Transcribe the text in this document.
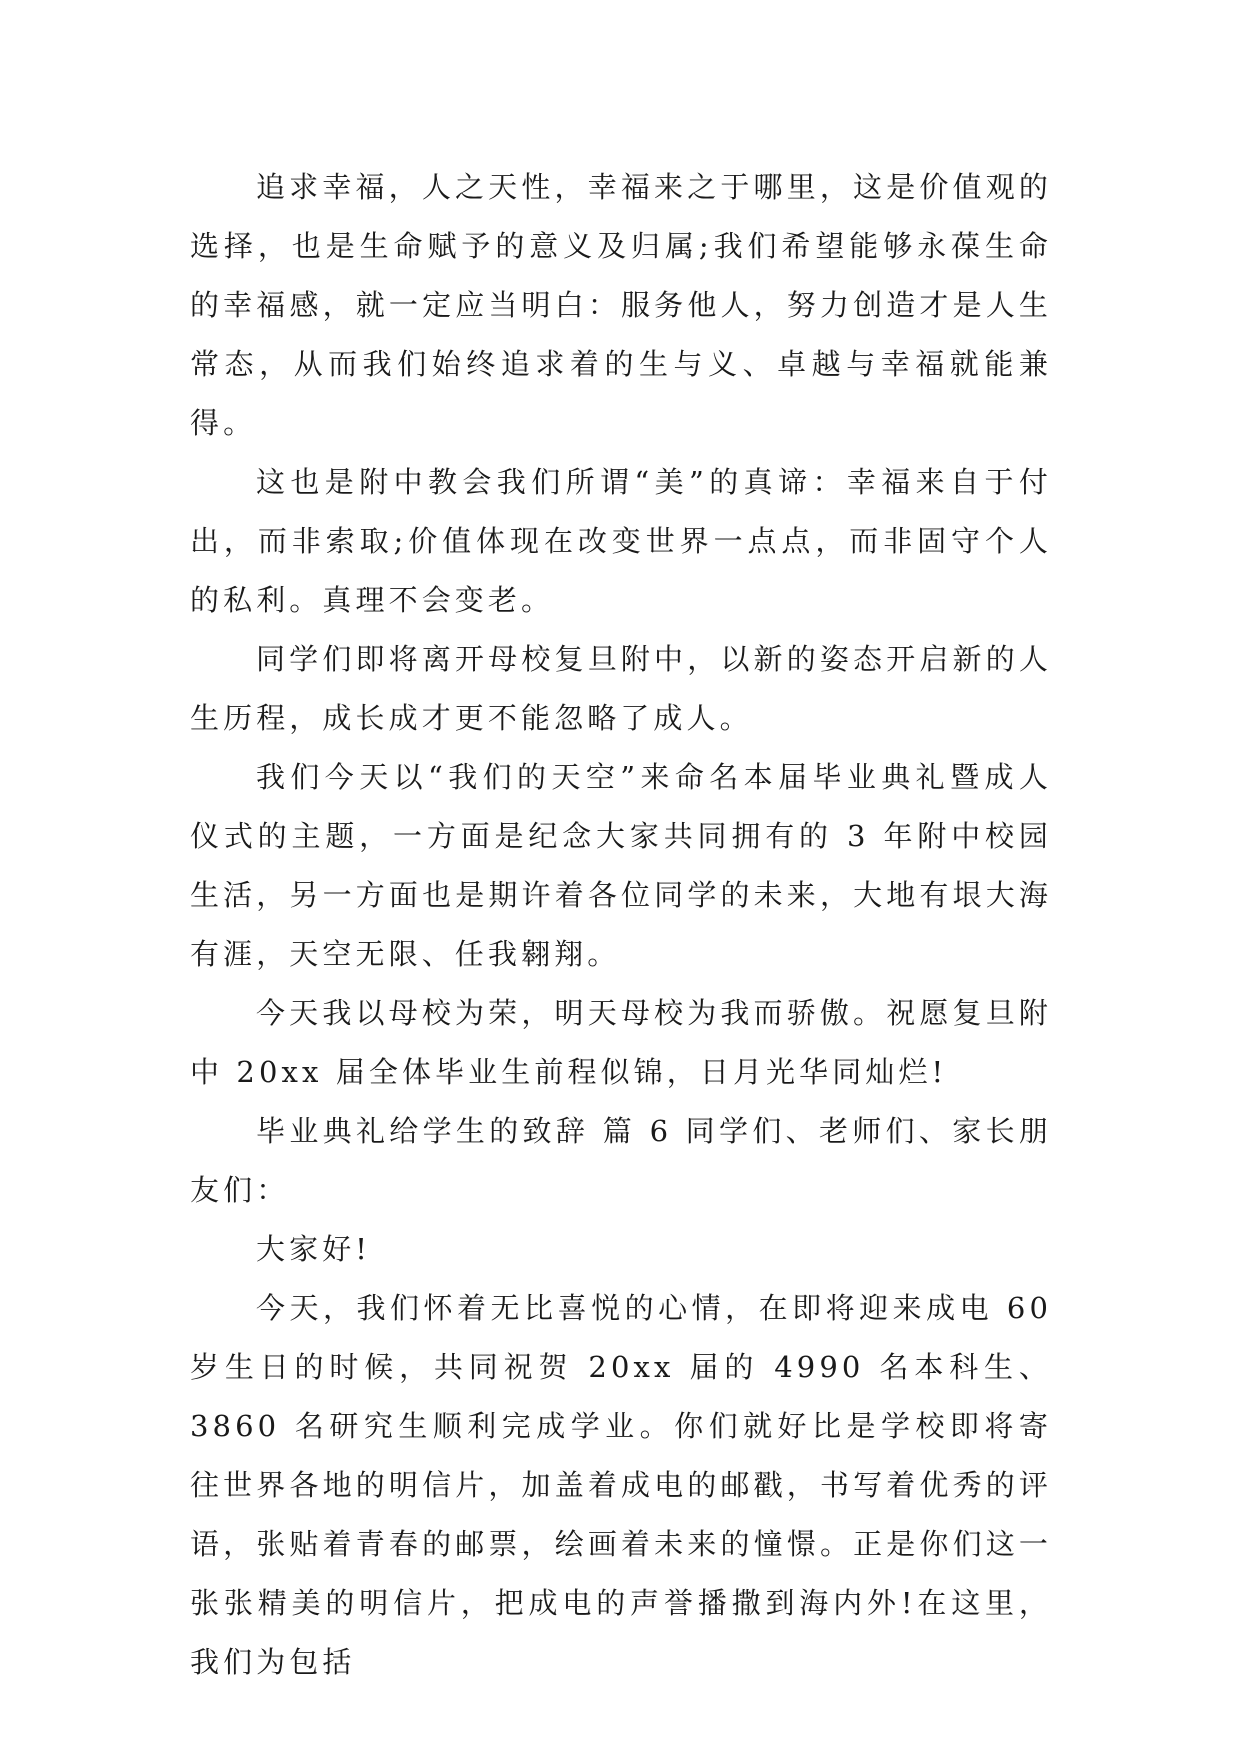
追求幸福，人之天性，幸福来之于哪里，这是价值观的选择，也是生命赋予的意义及归属;我们希望能够永葆生命的幸福感，就一定应当明白：服务他人，努力创造才是人生常态，从而我们始终追求着的生与义、卓越与幸福就能兼得。

这也是附中教会我们所谓“美”的真谛：幸福来自于付出，而非索取;价值体现在改变世界一点点，而非固守个人的私利。真理不会变老。

同学们即将离开母校复旦附中，以新的姿态开启新的人生历程，成长成才更不能忽略了成人。

我们今天以“我们的天空”来命名本届毕业典礼暨成人仪式的主题，一方面是纪念大家共同拥有的 3 年附中校园生活，另一方面也是期许着各位同学的未来，大地有垠大海有涯，天空无限、任我翱翔。

今天我以母校为荣，明天母校为我而骄傲。祝愿复旦附中 20xx 届全体毕业生前程似锦，日月光华同灿烂!

毕业典礼给学生的致辞 篇 6 同学们、老师们、家长朋友们：

大家好!

今天，我们怀着无比喜悦的心情，在即将迎来成电 60 岁生日的时候，共同祝贺 20xx 届的 4990 名本科生、3860 名研究生顺利完成学业。你们就好比是学校即将寄往世界各地的明信片，加盖着成电的邮戳，书写着优秀的评语，张贴着青春的邮票，绘画着未来的憧憬。正是你们这一张张精美的明信片，把成电的声誉播撒到海内外!在这里，我们为包括
